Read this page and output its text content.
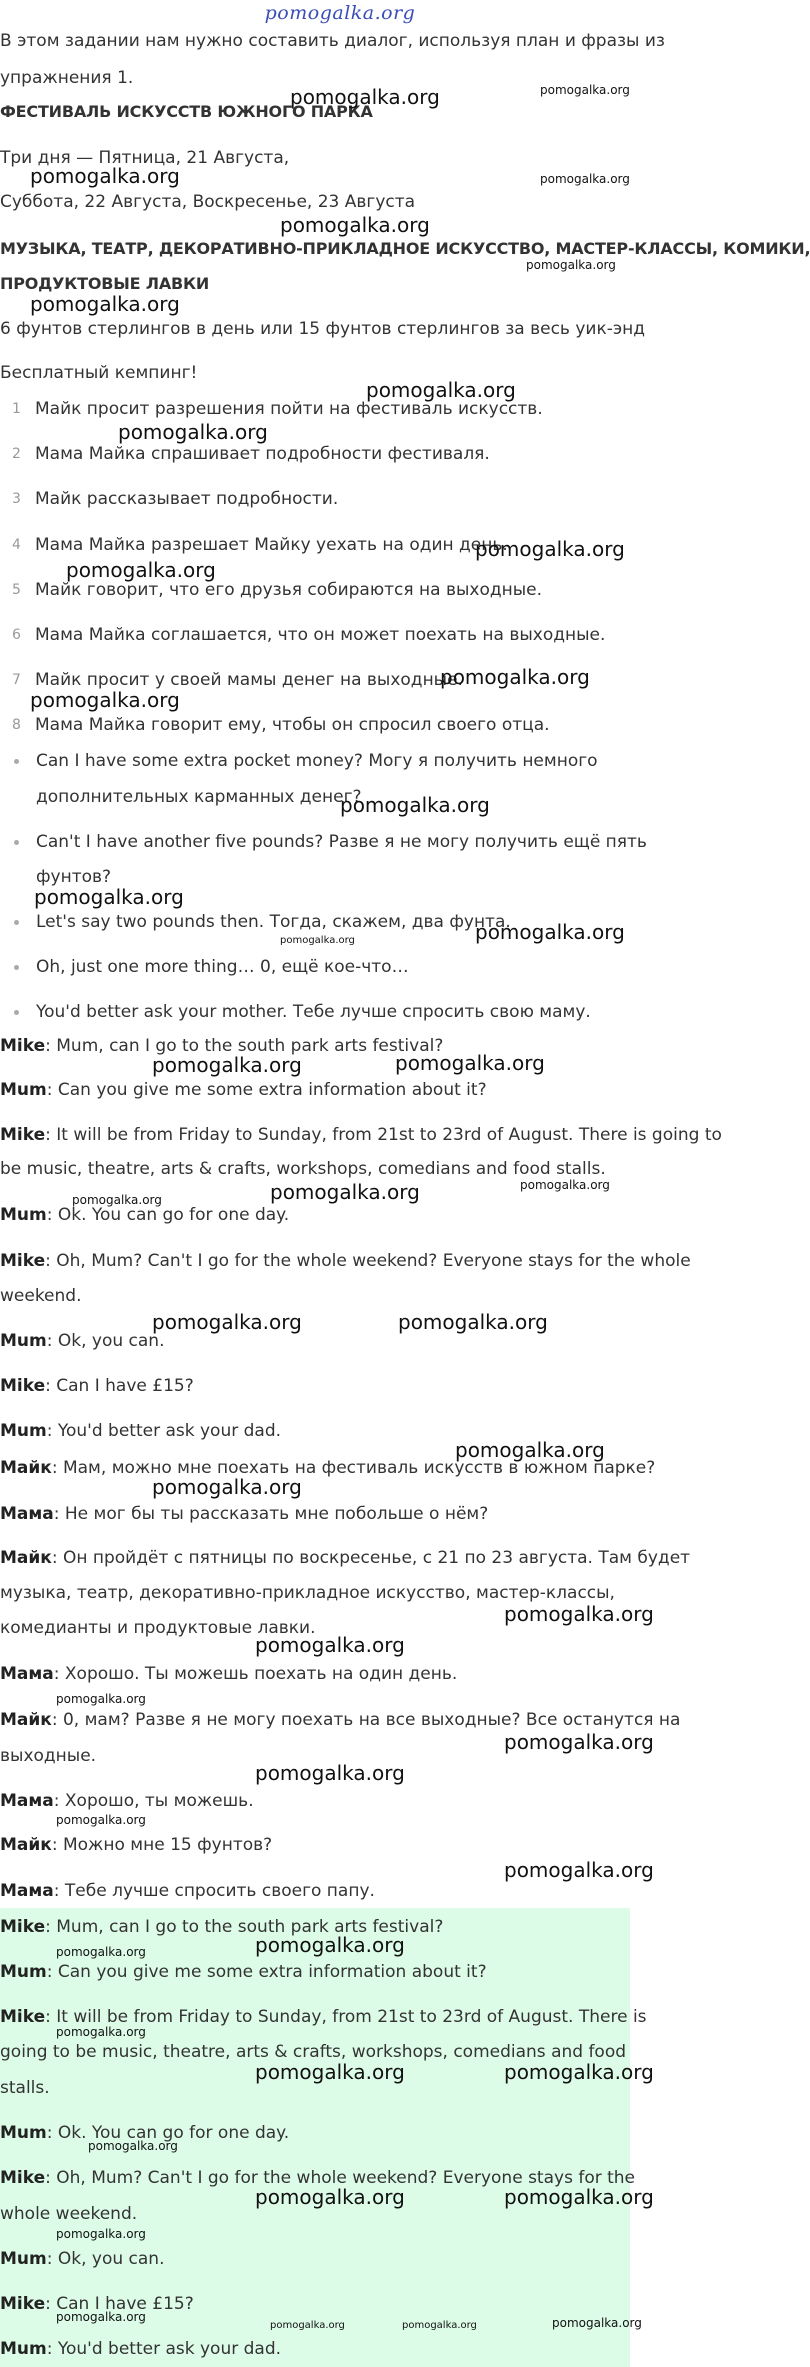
pomogalka.org
В этом задании нам нужно составить диалог, используя план и фразы из
упражнения 1.
ФЕСТИВАЛЬ ИСКУССТВ ЮЖНОГО ПАРКА
Три дня — Пятница, 21 Августа,
Суббота, 22 Августа, Воскресенье, 23 Августа
МУЗЫКА, ТЕАТР, ДЕКОРАТИВНО-ПРИКЛАДНОЕ ИСКУССТВО, МАСТЕР-КЛАССЫ, КОМИКИ,
ПРОДУКТОВЫЕ ЛАВКИ
6 фунтов стерлингов в день или 15 фунтов стерлингов за весь уик-энд
Бесплатный кемпинг!
1 Майк просит разрешения пойти на фестиваль искусств.
2 Мама Майка спрашивает подробности фестиваля.
3 Майк рассказывает подробности.
4 Мама Майка разрешает Майку уехать на один день.
5 Майк говорит, что его друзья собираются на выходные.
6 Мама Майка соглашается, что он может поехать на выходные.
7 Майк просит у своей мамы денег на выходные.
8 Мама Майка говорит ему, чтобы он спросил своего отца.
Can I have some extra pocket money? Могу я получить немного
дополнительных карманных денег?
Can't I have another five pounds? Разве я не могу получить ещё пять
фунтов?
Let's say two pounds then. Тогда, скажем, два фунта.
Oh, just one more thing… 0, ещё кое-что…
You'd better ask your mother. Тебе лучше спросить свою маму.
Mike: Mum, can I go to the south park arts festival?
Mum: Can you give me some extra information about it?
Mike: It will be from Friday to Sunday, from 21st to 23rd of August. There is going to
be music, theatre, arts & crafts, workshops, comedians and food stalls.
Mum: Ok. You can go for one day.
Mike: Oh, Mum? Can't I go for the whole weekend? Everyone stays for the whole
weekend.
Mum: Ok, you can.
Mike: Can I have £15?
Mum: You'd better ask your dad.
Майк: Мам, можно мне поехать на фестиваль искусств в южном парке?
Мама: Не мог бы ты рассказать мне побольше о нём?
Майк: Он пройдёт с пятницы по воскресенье, с 21 по 23 августа. Там будет
музыка, театр, декоративно-прикладное искусство, мастер-классы,
комедианты и продуктовые лавки.
Мама: Хорошо. Ты можешь поехать на один день.
Майк: 0, мам? Разве я не могу поехать на все выходные? Все останутся на
выходные.
Мама: Хорошо, ты можешь.
Майк: Можно мне 15 фунтов?
Мама: Тебе лучше спросить своего папу.
Mike: Mum, can I go to the south park arts festival?
Mum: Can you give me some extra information about it?
Mike: It will be from Friday to Sunday, from 21st to 23rd of August. There is
going to be music, theatre, arts & crafts, workshops, comedians and food
stalls.
Mum: Ok. You can go for one day.
Mike: Oh, Mum? Can't I go for the whole weekend? Everyone stays for the
whole weekend.
Mum: Ok, you can.
Mike: Can I have £15?
Mum: You'd better ask your dad.
pomogalka.org	pomogalka.org
pomogalka.org	pomogalka.org
pomogalka.org
pomogalka.org
pomogalka.org
pomogalka.org
pomogalka.org
pomogalka.org
pomogalka.org
pomogalka.org
pomogalka.org
pomogalka.org
pomogalka.org
pomogalka.org
pomogalka.org
pomogalka.org
pomogalka.org
pomogalka.org	pomogalka.org
pomogalka.org
pomogalka.org	pomogalka.org
pomogalka.org
pomogalka.org
pomogalka.org
pomogalka.org
pomogalka.org
pomogalka.org
pomogalka.org
pomogalka.org
pomogalka.org
pomogalka.org
pomogalka.org
pomogalka.org
pomogalka.org	pomogalka.org
pomogalka.org
pomogalka.org	pomogalka.org
pomogalka.org
pomogalka.org
pomogalka.org	pomogalka.org	pomogalka.org
